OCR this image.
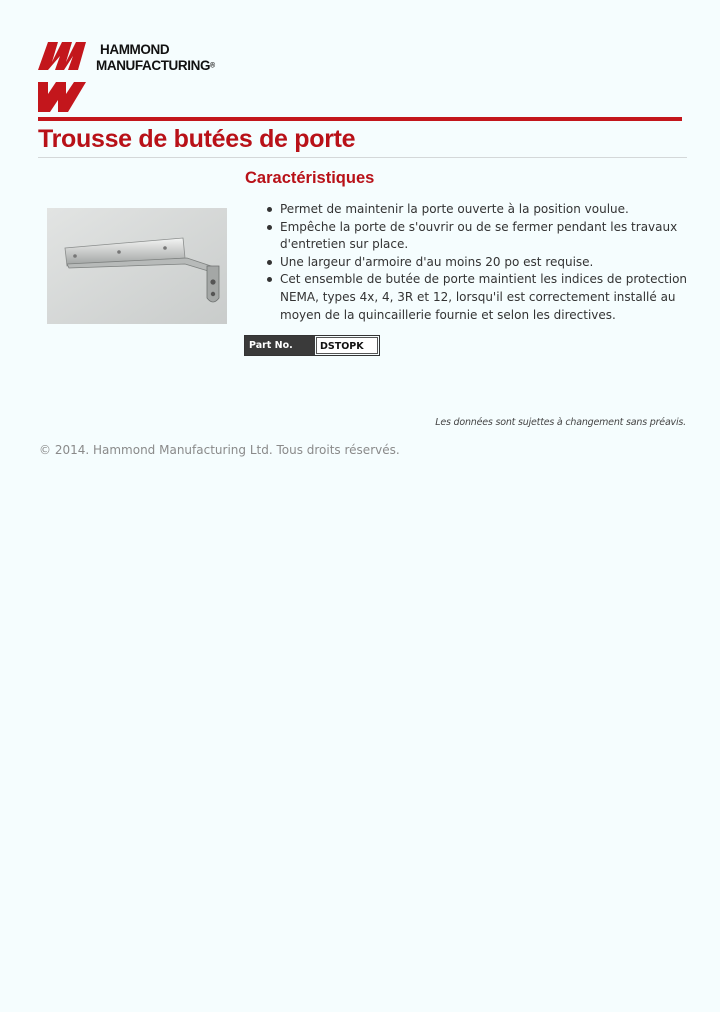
HAMMOND
MANUFACTURING®
Trousse de butées de porte
Caractéristiques
Permet de maintenir la porte ouverte à la position voulue.
Empêche la porte de s'ouvrir ou de se fermer pendant les travaux d'entretien sur place.
Une largeur d'armoire d'au moins 20 po est requise.
Cet ensemble de butée de porte maintient les indices de protection NEMA, types 4x, 4, 3R et 12, lorsqu'il est correctement installé au moyen de la quincaillerie fournie et selon les directives.
Part No.	DSTOPK
Les données sont sujettes à changement sans préavis.
© 2014. Hammond Manufacturing Ltd. Tous droits réservés.
